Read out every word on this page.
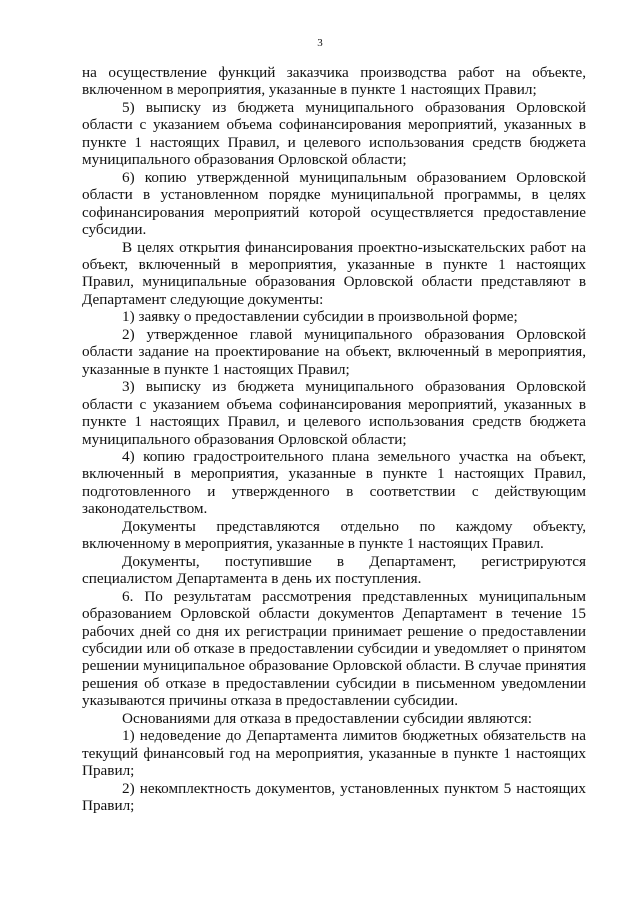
3

на осуществление функций заказчика производства работ на объекте, включенном в мероприятия, указанные в пункте 1 настоящих Правил;

5) выписку из бюджета муниципального образования Орловской области с указанием объема софинансирования мероприятий, указанных в пункте 1 настоящих Правил, и целевого использования средств бюджета муниципального образования Орловской области;

6) копию утвержденной муниципальным образованием Орловской области в установленном порядке муниципальной программы, в целях софинансирования мероприятий которой осуществляется предоставление субсидии.

В целях открытия финансирования проектно-изыскательских работ на объект, включенный в мероприятия, указанные в пункте 1 настоящих Правил, муниципальные образования Орловской области представляют в Департамент следующие документы:

1) заявку о предоставлении субсидии в произвольной форме;

2) утвержденное главой муниципального образования Орловской области задание на проектирование на объект, включенный в мероприятия, указанные в пункте 1 настоящих Правил;

3) выписку из бюджета муниципального образования Орловской области с указанием объема софинансирования мероприятий, указанных в пункте 1 настоящих Правил, и целевого использования средств бюджета муниципального образования Орловской области;

4) копию градостроительного плана земельного участка на объект, включенный в мероприятия, указанные в пункте 1 настоящих Правил, подготовленного и утвержденного в соответствии с действующим законодательством.

Документы представляются отдельно по каждому объекту, включенному в мероприятия, указанные в пункте 1 настоящих Правил.

Документы, поступившие в Департамент, регистрируются специалистом Департамента в день их поступления.

6. По результатам рассмотрения представленных муниципальным образованием Орловской области документов Департамент в течение 15 рабочих дней со дня их регистрации принимает решение о предоставлении субсидии или об отказе в предоставлении субсидии и уведомляет о принятом решении муниципальное образование Орловской области. В случае принятия решения об отказе в предоставлении субсидии в письменном уведомлении указываются причины отказа в предоставлении субсидии.

Основаниями для отказа в предоставлении субсидии являются:

1) недоведение до Департамента лимитов бюджетных обязательств на текущий финансовый год на мероприятия, указанные в пункте 1 настоящих Правил;

2) некомплектность документов, установленных пунктом 5 настоящих Правил;
